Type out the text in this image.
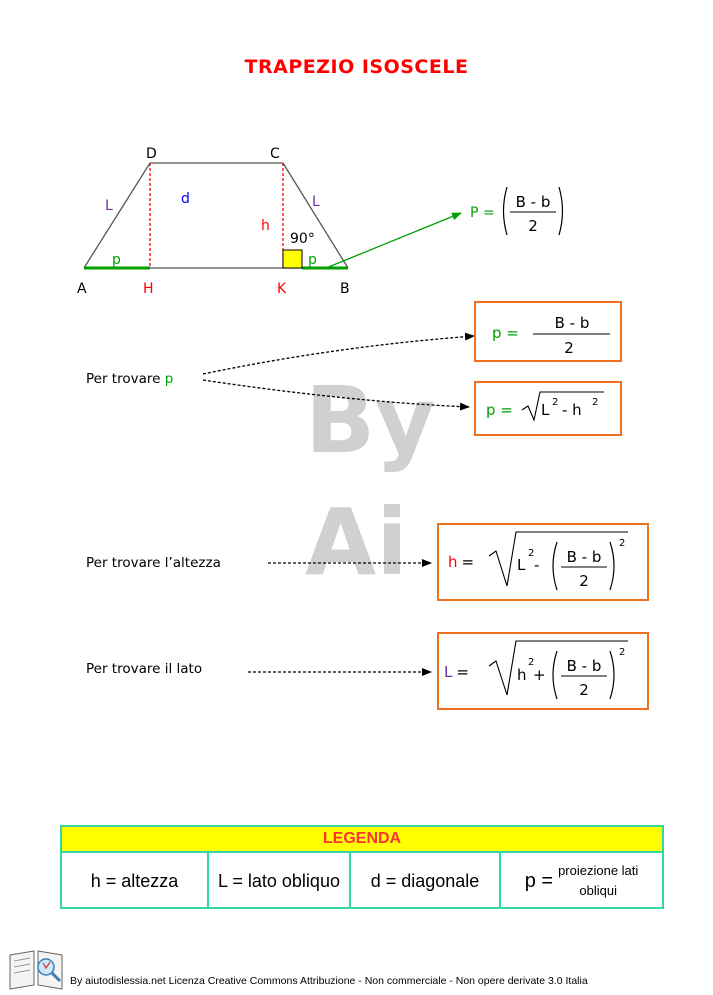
TRAPEZIO ISOSCELE
By
Ai
D	C
A	H	K	B
L	L
d
h
p	p
90°
P =
B - b
2
Per trovare p
p =
B - b
2
p = L 2 - h 2
Per trovare l’altezza	h =	L
2
- B - b
2
2
Per trovare il lato	L =	h
2
+ B - b
2
2
LEGENDA
h = altezza	L = lato obliquo	d = diagonale	p = proiezione lati
obliqui
By aiutodislessia.net Licenza Creative Commons Attribuzione - Non commerciale - Non opere derivate 3.0 Italia
